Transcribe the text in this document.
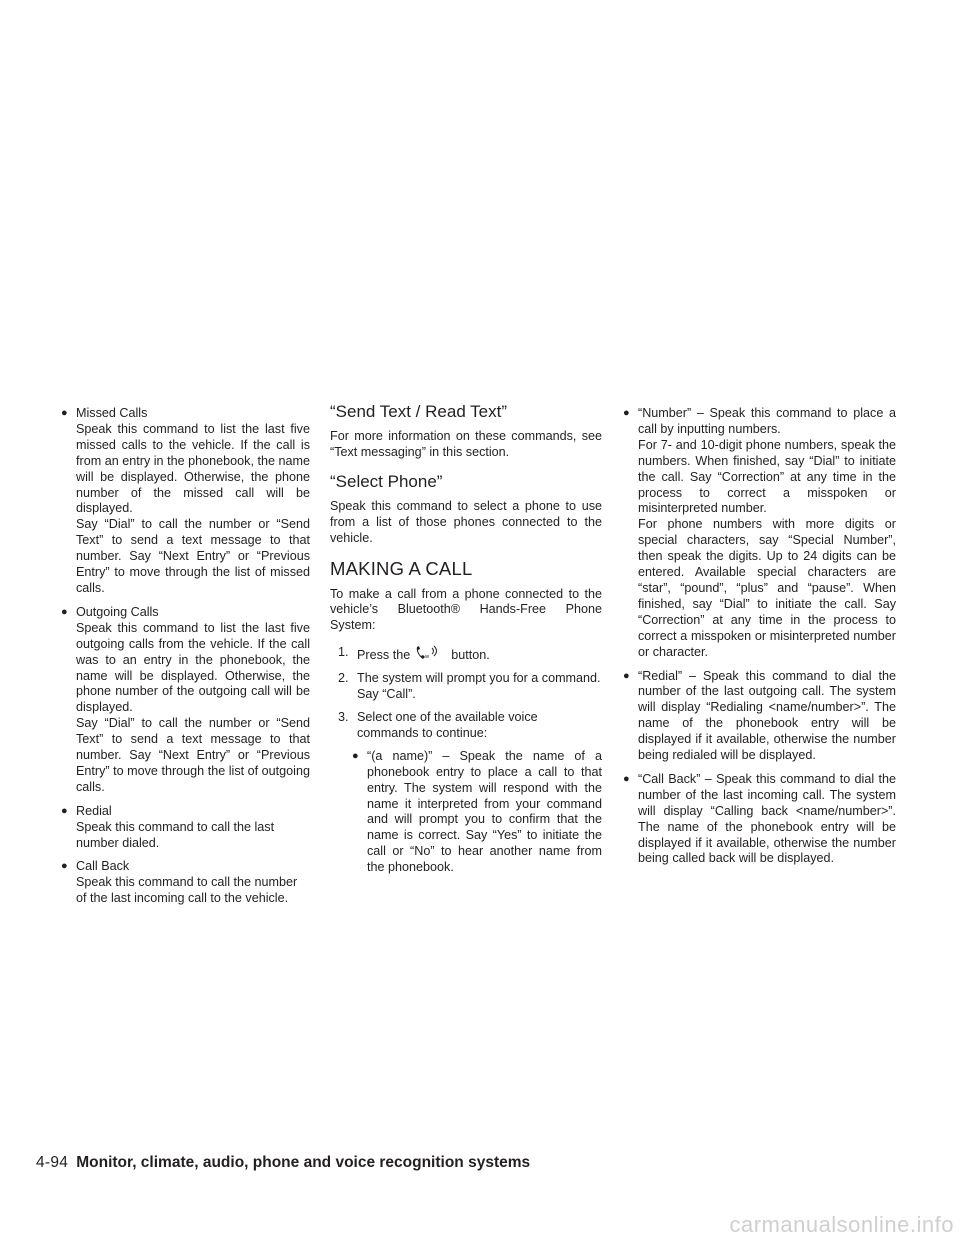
● Missed Calls
Speak this command to list the last five missed calls to the vehicle. If the call is from an entry in the phonebook, the name will be displayed. Otherwise, the phone number of the missed call will be displayed.
Say “Dial” to call the number or “Send Text” to send a text message to that number. Say “Next Entry” or “Previous Entry” to move through the list of missed calls.
● Outgoing Calls
Speak this command to list the last five outgoing calls from the vehicle. If the call was to an entry in the phonebook, the name will be displayed. Otherwise, the phone number of the outgoing call will be displayed.
Say “Dial” to call the number or “Send Text” to send a text message to that number. Say “Next Entry” or “Previous Entry” to move through the list of outgoing calls.
● Redial
Speak this command to call the last number dialed.
● Call Back
Speak this command to call the number of the last incoming call to the vehicle.
“Send Text / Read Text”
For more information on these commands, see “Text messaging” in this section.
“Select Phone”
Speak this command to select a phone to use from a list of those phones connected to the vehicle.
MAKING A CALL
To make a call from a phone connected to the vehicle’s Bluetooth® Hands-Free Phone System:
1. Press the	w button.
2. The system will prompt you for a command. Say “Call”.
3. Select one of the available voice commands to continue:
● “(a name)” – Speak the name of a phonebook entry to place a call to that entry. The system will respond with the name it interpreted from your command and will prompt you to confirm that the name is correct. Say “Yes” to initiate the call or “No” to hear another name from the phonebook.
● “Number” – Speak this command to place a call by inputting numbers.
For 7- and 10-digit phone numbers, speak the numbers. When finished, say “Dial” to initiate the call. Say “Correction” at any time in the process to correct a misspoken or misinterpreted number.
For phone numbers with more digits or special characters, say “Special Number”, then speak the digits. Up to 24 digits can be entered. Available special characters are “star”, “pound”, “plus” and “pause”. When finished, say “Dial” to initiate the call. Say “Correction” at any time in the process to correct a misspoken or misinterpreted number or character.
● “Redial” – Speak this command to dial the number of the last outgoing call. The system will display “Redialing <name/number>”. The name of the phonebook entry will be displayed if it available, otherwise the number being redialed will be displayed.
● “Call Back” – Speak this command to dial the number of the last incoming call. The system will display “Calling back <name/number>”. The name of the phonebook entry will be displayed if it available, otherwise the number being called back will be displayed.
4-94 Monitor, climate, audio, phone and voice recognition systems
carmanualsonline.info
